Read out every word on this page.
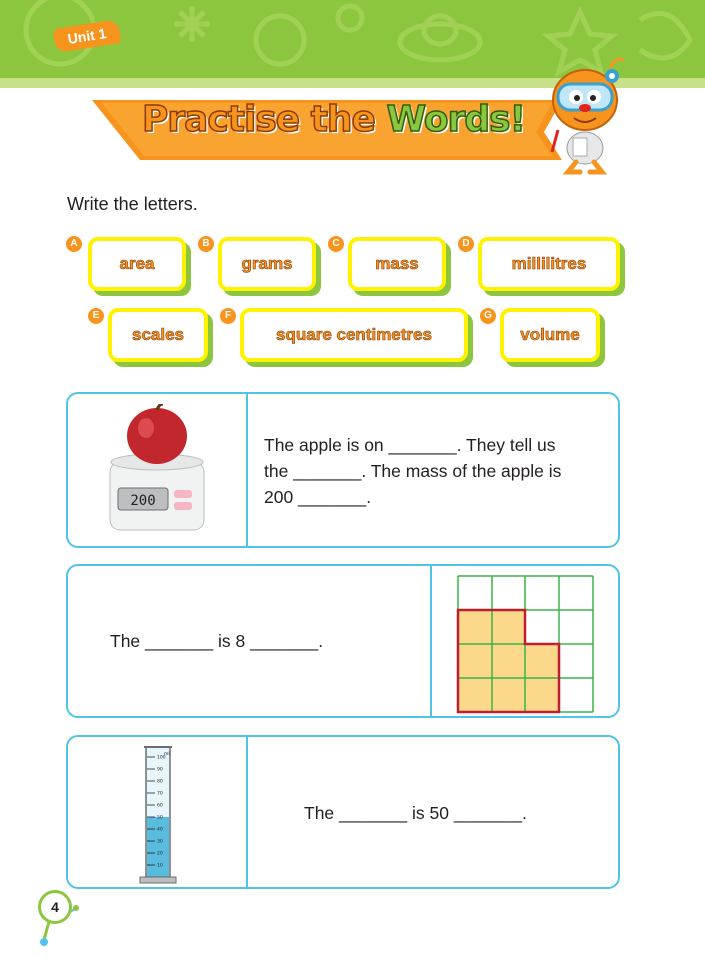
Unit 1
Practise the Words!
Write the letters.
A
area
B
grams
C
mass
D
millilitres
E
scales
F
square centimetres
G
volume
200
The apple is on _______. They tell us
the _______. The mass of the apple is
200 _______.
The _______ is 8 _______.
100
90
80
70
60
50
40
30
20
10
ml
The _______ is 50 _______.
4
